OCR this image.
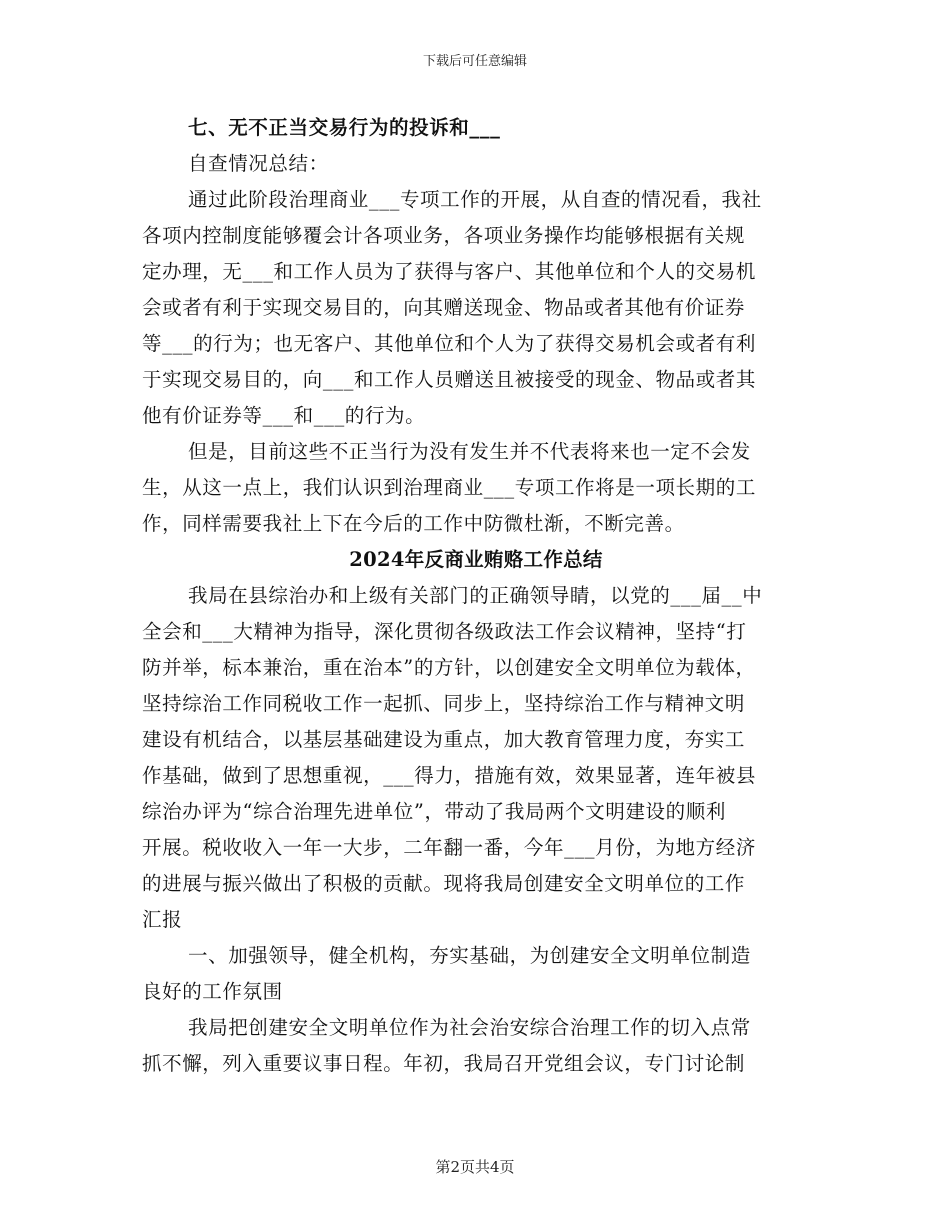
下载后可任意编辑
七、无不正当交易行为的投诉和___
自查情况总结：
通过此阶段治理商业___专项工作的开展，从自查的情况看，我社
各项内控制度能够覆会计各项业务，各项业务操作均能够根据有关规
定办理，无___和工作人员为了获得与客户、其他单位和个人的交易机
会或者有利于实现交易目的，向其赠送现金、物品或者其他有价证券
等___的行为；也无客户、其他单位和个人为了获得交易机会或者有利
于实现交易目的，向___和工作人员赠送且被接受的现金、物品或者其
他有价证券等___和___的行为。
但是，目前这些不正当行为没有发生并不代表将来也一定不会发
生，从这一点上，我们认识到治理商业___专项工作将是一项长期的工
作，同样需要我社上下在今后的工作中防微杜渐，不断完善。
2024年反商业贿赂工作总结
我局在县综治办和上级有关部门的正确领导睛，以党的___届__中
全会和___大精神为指导，深化贯彻各级政法工作会议精神，坚持“打
防并举，标本兼治，重在治本”的方针，以创建安全文明单位为载体，
坚持综治工作同税收工作一起抓、同步上，坚持综治工作与精神文明
建设有机结合，以基层基础建设为重点，加大教育管理力度，夯实工
作基础，做到了思想重视，___得力，措施有效，效果显著，连年被县
综治办评为“综合治理先进单位”，带动了我局两个文明建设的顺利
开展。税收收入一年一大步，二年翻一番，今年___月份，为地方经济
的进展与振兴做出了积极的贡献。现将我局创建安全文明单位的工作
汇报
一、加强领导，健全机构，夯实基础，为创建安全文明单位制造
良好的工作氛围
我局把创建安全文明单位作为社会治安综合治理工作的切入点常
抓不懈，列入重要议事日程。年初，我局召开党组会议，专门讨论制
第2页共4页
